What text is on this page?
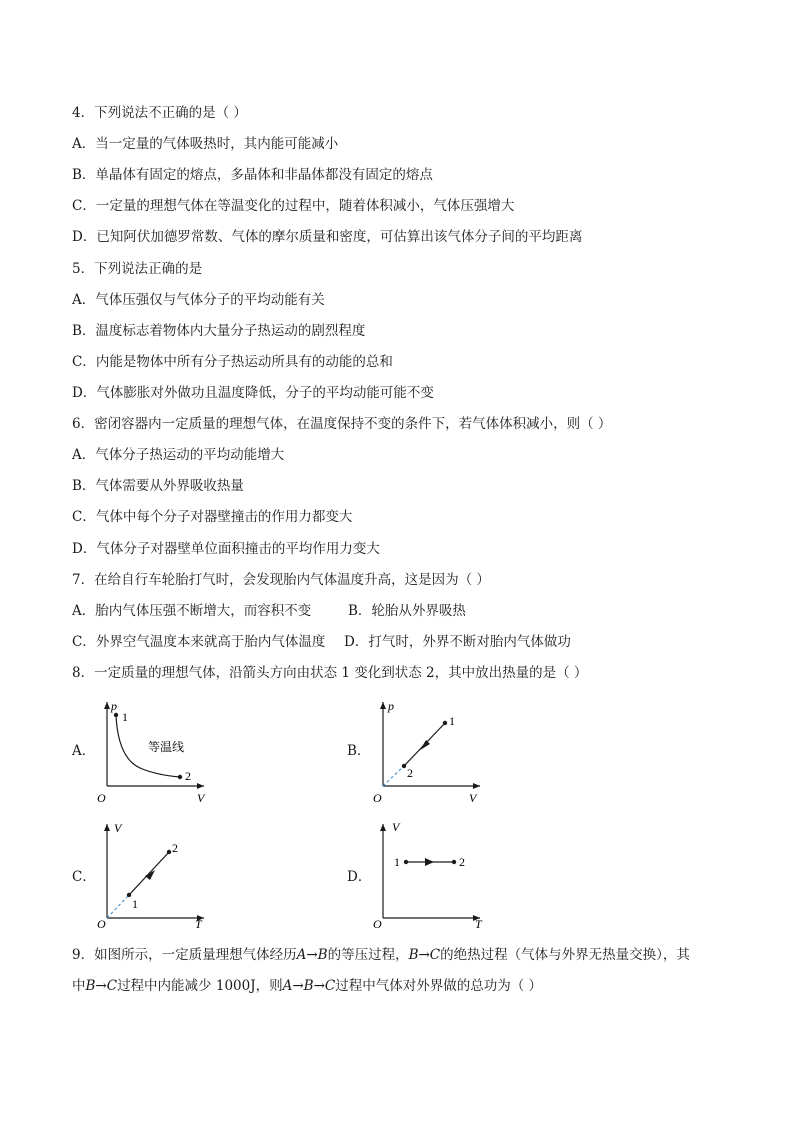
4．下列说法不正确的是（ ）
A．当一定量的气体吸热时，其内能可能减小
B．单晶体有固定的熔点，多晶体和非晶体都没有固定的熔点
C．一定量的理想气体在等温变化的过程中，随着体积减小，气体压强增大
D．已知阿伏加德罗常数、气体的摩尔质量和密度，可估算出该气体分子间的平均距离
5．下列说法正确的是
A．气体压强仅与气体分子的平均动能有关
B．温度标志着物体内大量分子热运动的剧烈程度
C．内能是物体中所有分子热运动所具有的动能的总和
D．气体膨胀对外做功且温度降低，分子的平均动能可能不变
6．密闭容器内一定质量的理想气体，在温度保持不变的条件下，若气体体积减小，则（ ）
A．气体分子热运动的平均动能增大
B．气体需要从外界吸收热量
C．气体中每个分子对器壁撞击的作用力都变大
D．气体分子对器壁单位面积撞击的平均作用力变大
7．在给自行车轮胎打气时，会发现胎内气体温度升高，这是因为（ ）
A．胎内气体压强不断增大，而容积不变	B．轮胎从外界吸热
C．外界空气温度本来就高于胎内气体温度 D．打气时，外界不断对胎内气体做功
8．一定质量的理想气体，沿箭头方向由状态 1 变化到状态 2，其中放出热量的是（ ）
A．	B．
C．	D．
p
V
O
1
2
等温线
p
V
O
1
2
V
T
O
1
2
V
T
O
1	2
9．如图所示，一定质量理想气体经历A→B的等压过程，B→C的绝热过程（气体与外界无热量交换），其
中B→C过程中内能减少 1000J，则A→B→C过程中气体对外界做的总功为（ ）
